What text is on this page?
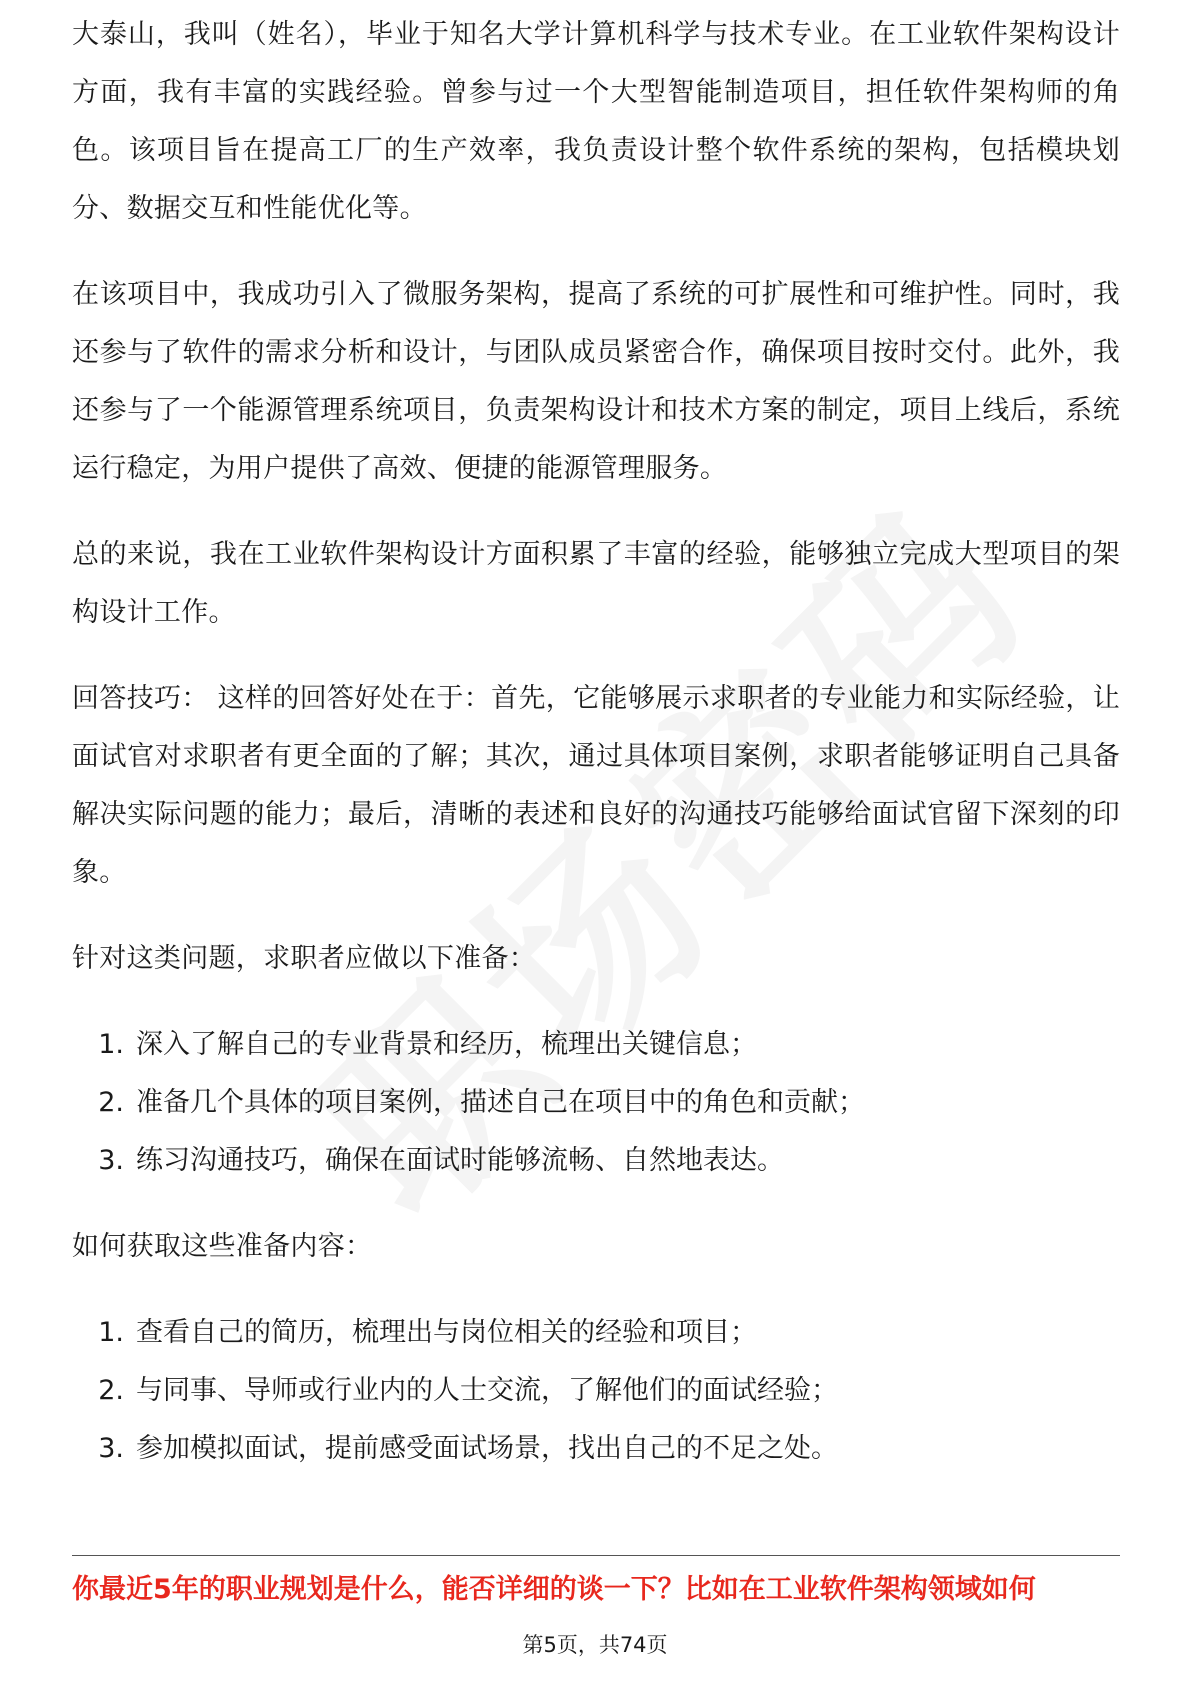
大泰山，我叫（姓名），毕业于知名大学计算机科学与技术专业。在工业软件架构设计方面，我有丰富的实践经验。曾参与过一个大型智能制造项目，担任软件架构师的角色。该项目旨在提高工厂的生产效率，我负责设计整个软件系统的架构，包括模块划分、数据交互和性能优化等。

在该项目中，我成功引入了微服务架构，提高了系统的可扩展性和可维护性。同时，我还参与了软件的需求分析和设计，与团队成员紧密合作，确保项目按时交付。此外，我还参与了一个能源管理系统项目，负责架构设计和技术方案的制定，项目上线后，系统运行稳定，为用户提供了高效、便捷的能源管理服务。

总的来说，我在工业软件架构设计方面积累了丰富的经验，能够独立完成大型项目的架构设计工作。

回答技巧： 这样的回答好处在于：首先，它能够展示求职者的专业能力和实际经验，让面试官对求职者有更全面的了解；其次，通过具体项目案例，求职者能够证明自己具备解决实际问题的能力；最后，清晰的表述和良好的沟通技巧能够给面试官留下深刻的印象。

针对这类问题，求职者应做以下准备：

1. 深入了解自己的专业背景和经历，梳理出关键信息；
2. 准备几个具体的项目案例，描述自己在项目中的角色和贡献；
3. 练习沟通技巧，确保在面试时能够流畅、自然地表达。

如何获取这些准备内容：

1. 查看自己的简历，梳理出与岗位相关的经验和项目；
2. 与同事、导师或行业内的人士交流，了解他们的面试经验；
3. 参加模拟面试，提前感受面试场景，找出自己的不足之处。
你最近5年的职业规划是什么，能否详细的谈一下？比如在工业软件架构领域如何
第5页，共74页
